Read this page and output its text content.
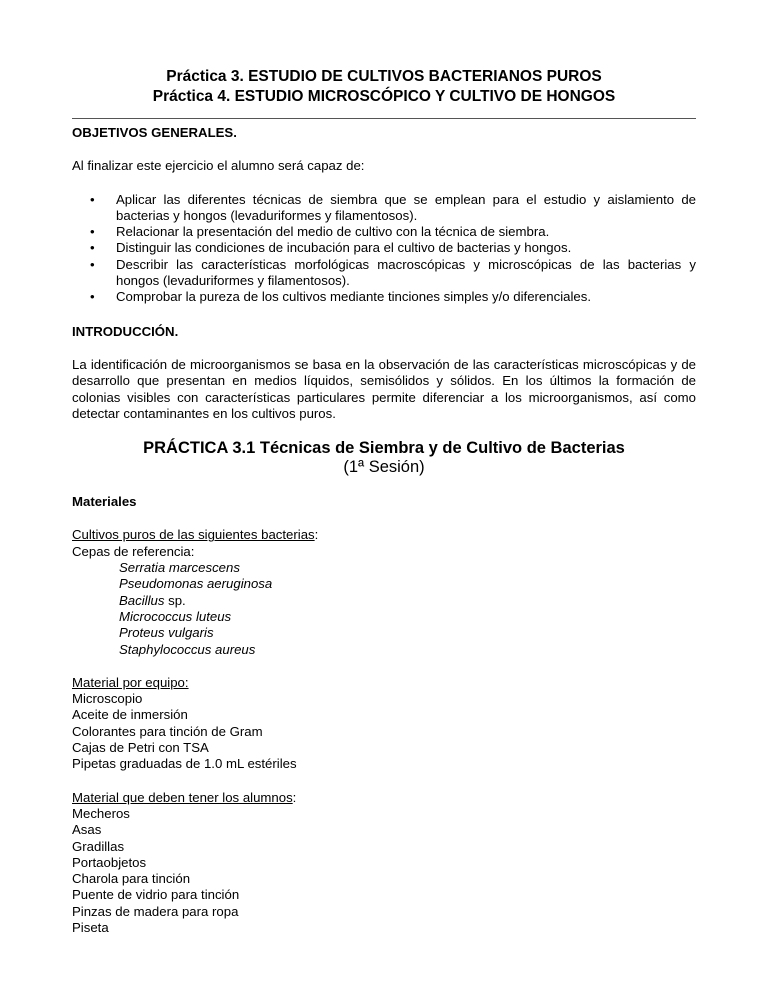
Práctica 3. ESTUDIO DE CULTIVOS BACTERIANOS PUROS
Práctica 4. ESTUDIO MICROSCÓPICO Y CULTIVO DE HONGOS
OBJETIVOS GENERALES.

Al finalizar este ejercicio el alumno será capaz de:

• Aplicar las diferentes técnicas de siembra que se emplean para el estudio y aislamiento de bacterias y hongos (levaduriformes y filamentosos).
• Relacionar la presentación del medio de cultivo con la técnica de siembra.
• Distinguir las condiciones de incubación para el cultivo de bacterias y hongos.
• Describir las características morfológicas macroscópicas y microscópicas de las bacterias y hongos (levaduriformes y filamentosos).
• Comprobar la pureza de los cultivos mediante tinciones simples y/o diferenciales.
INTRODUCCIÓN.

La identificación de microorganismos se basa en la observación de las características microscópicas y de desarrollo que presentan en medios líquidos, semisólidos y sólidos. En los últimos la formación de colonias visibles con características particulares permite diferenciar a los microorganismos, así como detectar contaminantes en los cultivos puros.

PRÁCTICA 3.1 Técnicas de Siembra y de Cultivo de Bacterias
(1ª Sesión)
Materiales
Cultivos puros de las siguientes bacterias:
Cepas de referencia:
Serratia marcescens
Pseudomonas aeruginosa
Bacillus sp.
Micrococcus luteus
Proteus vulgaris
Staphylococcus aureus
Material por equipo:
Microscopio
Aceite de inmersión
Colorantes para tinción de Gram
Cajas de Petri con TSA
Pipetas graduadas de 1.0 mL estériles
Material que deben tener los alumnos:
Mecheros
Asas
Gradillas
Portaobjetos
Charola para tinción
Puente de vidrio para tinción
Pinzas de madera para ropa
Piseta
